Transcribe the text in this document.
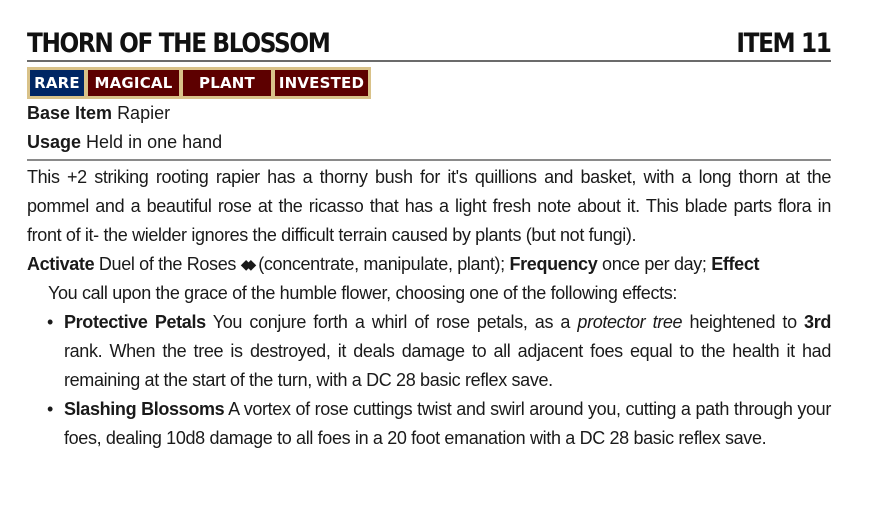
THORN OF THE BLOSSOM	ITEM 11
RARE MAGICAL	PLANT	INVESTED
Base Item Rapier
Usage Held in one hand
This +2 striking rooting rapier has a thorny bush for it's quillions and basket, with a long thorn at the pommel and a beautiful rose at the ricasso that has a light fresh note about it. This blade parts flora in front of it- the wielder ignores the difficult terrain caused by plants (but not fungi).
Activate Duel of the Roses ◆◆ (concentrate, manipulate, plant); Frequency once per day; Effect
You call upon the grace of the humble flower, choosing one of the following effects:
• Protective Petals You conjure forth a whirl of rose petals, as a protector tree heightened to 3rd rank. When the tree is destroyed, it deals damage to all adjacent foes equal to the health it had remaining at the start of the turn, with a DC 28 basic reflex save.
• Slashing Blossoms A vortex of rose cuttings twist and swirl around you, cutting a path through your foes, dealing 10d8 damage to all foes in a 20 foot emanation with a DC 28 basic reflex save.
